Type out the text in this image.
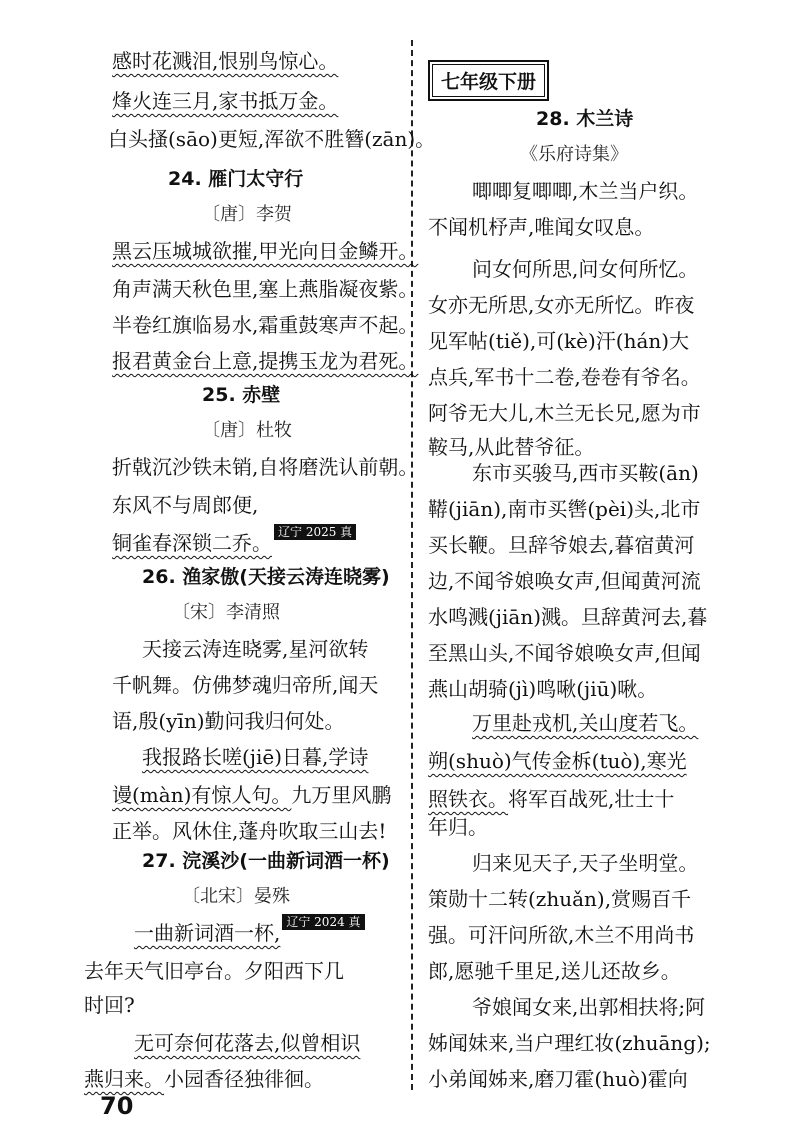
感时花溅泪,恨别鸟惊心。
烽火连三月,家书抵万金。
白头搔(sāo)更短,浑欲不胜簪(zān)。
24. 雁门太守行
〔唐〕李贺
黑云压城城欲摧,甲光向日金鳞开。
角声满天秋色里,塞上燕脂凝夜紫。
半卷红旗临易水,霜重鼓寒声不起。
报君黄金台上意,提携玉龙为君死。
25. 赤壁
〔唐〕杜牧
折戟沉沙铁未销,自将磨洗认前朝。
东风不与周郎便,
铜雀春深锁二乔。 辽宁 2025 真
26. 渔家傲(天接云涛连晓雾)
〔宋〕李清照
天接云涛连晓雾,星河欲转
千帆舞。仿佛梦魂归帝所,闻天
语,殷(yīn)勤问我归何处。
我报路长嗟(jiē)日暮,学诗
谩(màn)有惊人句。九万里风鹏
正举。风休住,蓬舟吹取三山去!
27. 浣溪沙(一曲新词酒一杯)
〔北宋〕晏殊
一曲新词酒一杯, 辽宁 2024 真
去年天气旧亭台。夕阳西下几
时回?
无可奈何花落去,似曾相识
燕归来。小园香径独徘徊。
七年级下册
28. 木兰诗
《乐府诗集》
唧唧复唧唧,木兰当户织。
不闻机杼声,唯闻女叹息。
问女何所思,问女何所忆。
女亦无所思,女亦无所忆。昨夜
见军帖(tiě),可(kè)汗(hán)大
点兵,军书十二卷,卷卷有爷名。
阿爷无大儿,木兰无长兄,愿为市
鞍马,从此替爷征。
东市买骏马,西市买鞍(ān)
鞯(jiān),南市买辔(pèi)头,北市
买长鞭。旦辞爷娘去,暮宿黄河
边,不闻爷娘唤女声,但闻黄河流
水鸣溅(jiān)溅。旦辞黄河去,暮
至黑山头,不闻爷娘唤女声,但闻
燕山胡骑(jì)鸣啾(jiū)啾。
万里赴戎机,关山度若飞。
朔(shuò)气传金柝(tuò),寒光
照铁衣。将军百战死,壮士十
年归。
归来见天子,天子坐明堂。
策勋十二转(zhuǎn),赏赐百千
强。可汗问所欲,木兰不用尚书
郎,愿驰千里足,送儿还故乡。
爷娘闻女来,出郭相扶将;阿
姊闻妹来,当户理红妆(zhuāng);
小弟闻姊来,磨刀霍(huò)霍向
70
